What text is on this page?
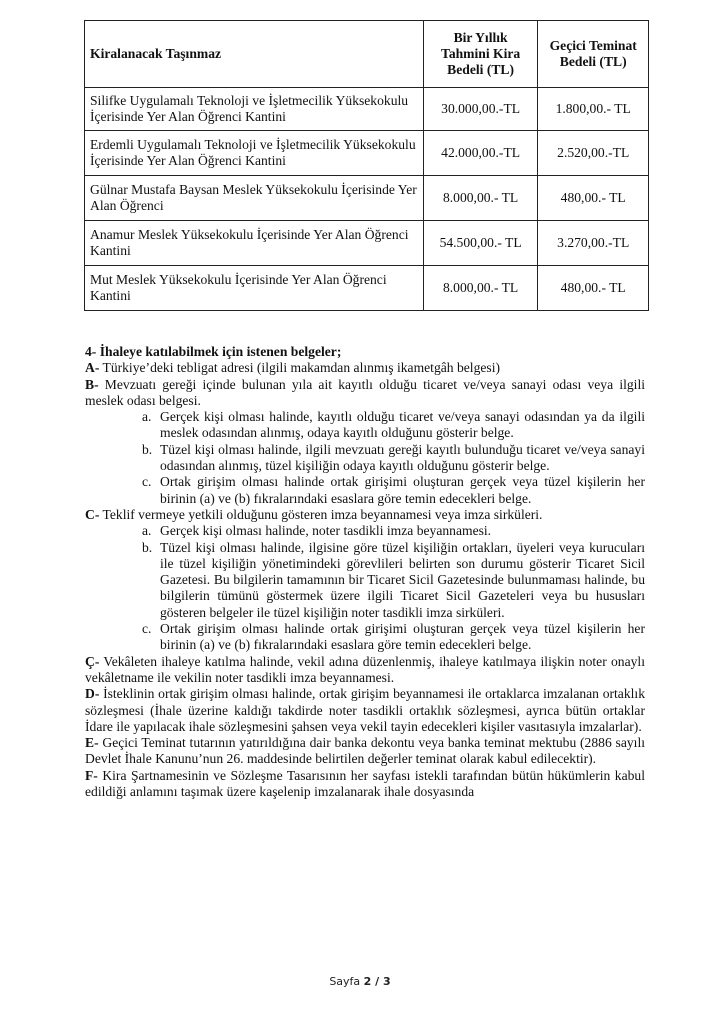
Kiralanacak Taşınmaz	Bir Yıllık Tahmini Kira Bedeli (TL)	Geçici Teminat Bedeli (TL)
Silifke Uygulamalı Teknoloji ve İşletmecilik Yüksekokulu İçerisinde Yer Alan Öğrenci Kantini	30.000,00.-TL	1.800,00.- TL
Erdemli Uygulamalı Teknoloji ve İşletmecilik Yüksekokulu İçerisinde Yer Alan Öğrenci Kantini	42.000,00.-TL	2.520,00.-TL
Gülnar Mustafa Baysan Meslek Yüksekokulu İçerisinde Yer Alan Öğrenci	8.000,00.- TL	480,00.- TL
Anamur Meslek Yüksekokulu İçerisinde Yer Alan Öğrenci Kantini	54.500,00.- TL	3.270,00.-TL
Mut Meslek Yüksekokulu İçerisinde Yer Alan Öğrenci Kantini	8.000,00.- TL	480,00.- TL

4- İhaleye katılabilmek için istenen belgeler;

A- Türkiye’deki tebligat adresi (ilgili makamdan alınmış ikametgâh belgesi)

B- Mevzuatı gereği içinde bulunan yıla ait kayıtlı olduğu ticaret ve/veya sanayi odası veya ilgili meslek odası belgesi.

a. Gerçek kişi olması halinde, kayıtlı olduğu ticaret ve/veya sanayi odasından ya da ilgili meslek odasından alınmış, odaya kayıtlı olduğunu gösterir belge.
b. Tüzel kişi olması halinde, ilgili mevzuatı gereği kayıtlı bulunduğu ticaret ve/veya sanayi odasından alınmış, tüzel kişiliğin odaya kayıtlı olduğunu gösterir belge.
c. Ortak girişim olması halinde ortak girişimi oluşturan gerçek veya tüzel kişilerin her birinin (a) ve (b) fıkralarındaki esaslara göre temin edecekleri belge.

C- Teklif vermeye yetkili olduğunu gösteren imza beyannamesi veya imza sirküleri.

a. Gerçek kişi olması halinde, noter tasdikli imza beyannamesi.
b. Tüzel kişi olması halinde, ilgisine göre tüzel kişiliğin ortakları, üyeleri veya kurucuları ile tüzel kişiliğin yönetimindeki görevlileri belirten son durumu gösterir Ticaret Sicil Gazetesi. Bu bilgilerin tamamının bir Ticaret Sicil Gazetesinde bulunmaması halinde, bu bilgilerin tümünü göstermek üzere ilgili Ticaret Sicil Gazeteleri veya bu hususları gösteren belgeler ile tüzel kişiliğin noter tasdikli imza sirküleri.
c. Ortak girişim olması halinde ortak girişimi oluşturan gerçek veya tüzel kişilerin her birinin (a) ve (b) fıkralarındaki esaslara göre temin edecekleri belge.

Ç- Vekâleten ihaleye katılma halinde, vekil adına düzenlenmiş, ihaleye katılmaya ilişkin noter onaylı vekâletname ile vekilin noter tasdikli imza beyannamesi.

D- İsteklinin ortak girişim olması halinde, ortak girişim beyannamesi ile ortaklarca imzalanan ortaklık sözleşmesi (İhale üzerine kaldığı takdirde noter tasdikli ortaklık sözleşmesi, ayrıca bütün ortaklar İdare ile yapılacak ihale sözleşmesini şahsen veya vekil tayin edecekleri kişiler vasıtasıyla imzalarlar).

E- Geçici Teminat tutarının yatırıldığına dair banka dekontu veya banka teminat mektubu (2886 sayılı Devlet İhale Kanunu’nun 26. maddesinde belirtilen değerler teminat olarak kabul edilecektir).

F- Kira Şartnamesinin ve Sözleşme Tasarısının her sayfası istekli tarafından bütün hükümlerin kabul edildiği anlamını taşımak üzere kaşelenip imzalanarak ihale dosyasında

Sayfa 2 / 3
